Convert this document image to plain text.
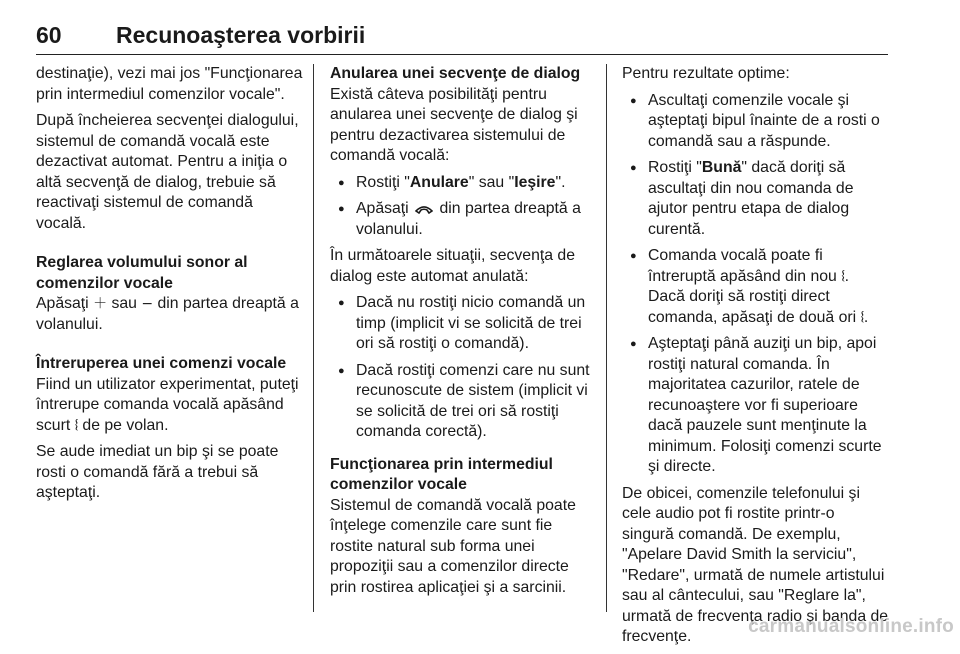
60 Recunoaşterea vorbirii

destinaţie), vezi mai jos "Funcţionarea prin intermediul comenzilor vocale".

După încheierea secvenţei dialogului, sistemul de comandă vocală este dezactivat automat. Pentru a iniţia o altă secvenţă de dialog, trebuie să reactivaţi sistemul de comandă vocală.

Reglarea volumului sonor al comenzilor vocale

Apăsaţi ＋ sau − din partea dreaptă a volanului.

Întreruperea unei comenzi vocale

Fiind un utilizator experimentat, puteţi întrerupe comanda vocală apăsând scurt 𝄔 de pe volan.

Se aude imediat un bip şi se poate rosti o comandă fără a trebui să aşteptaţi.

Anularea unei secvenţe de dialog

Există câteva posibilităţi pentru anularea unei secvenţe de dialog şi pentru dezactivarea sistemului de comandă vocală:

● Rostiţi "Anulare" sau "Ieşire".
● Apăsaţi din partea dreaptă a volanului.

În următoarele situaţii, secvenţa de dialog este automat anulată:

● Dacă nu rostiţi nicio comandă un timp (implicit vi se solicită de trei ori să rostiţi o comandă).
● Dacă rostiţi comenzi care nu sunt recunoscute de sistem (implicit vi se solicită de trei ori să rostiţi comanda corectă).

Funcţionarea prin intermediul comenzilor vocale

Sistemul de comandă vocală poate înţelege comenzile care sunt fie rostite natural sub forma unei propoziţii sau a comenzilor directe prin rostirea aplicaţiei şi a sarcinii.

Pentru rezultate optime:

● Ascultaţi comenzile vocale şi aşteptaţi bipul înainte de a rosti o comandă sau a răspunde.
● Rostiţi "Bună" dacă doriţi să ascultaţi din nou comanda de ajutor pentru etapa de dialog curentă.
● Comanda vocală poate fi întreruptă apăsând din nou 𝄔. Dacă doriţi să rostiţi direct comanda, apăsaţi de două ori 𝄔.
● Aşteptaţi până auziţi un bip, apoi rostiţi natural comanda. În majoritatea cazurilor, ratele de recunoaştere vor fi superioare dacă pauzele sunt menţinute la minimum. Folosiţi comenzi scurte şi directe.

De obicei, comenzile telefonului şi cele audio pot fi rostite printr-o singură comandă. De exemplu, "Apelare David Smith la serviciu", "Redare", urmată de numele artistului sau al cântecului, sau "Reglare la", urmată de frecvenţa radio şi banda de frecvenţe.	carmanualsonline.info
